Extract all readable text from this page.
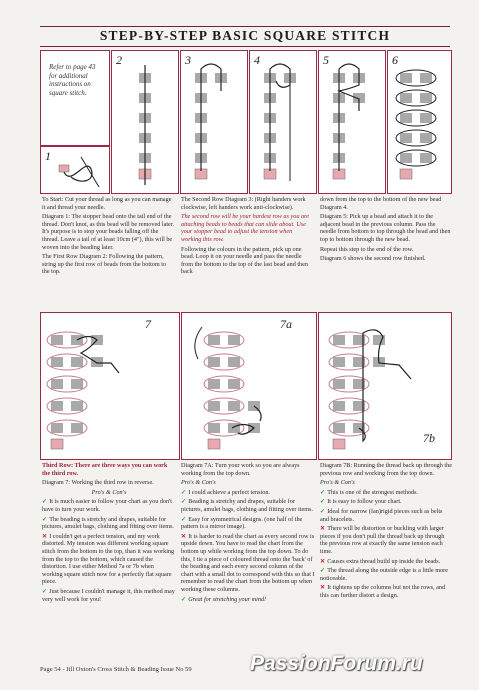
STEP-BY-STEP BASIC SQUARE STITCH
Refer to page 43 for additional instructions on square stitch.
1
2	3	4	5	6

To Start: Cut your thread as long as you can manage it and thread your needle.

Diagram 1: The stopper bead onto the tail end of the thread. Don't knot, as this bead will be removed later. It's purpose is to stop your beads falling off the thread. Leave a tail of at least 10cm (4"), this will be woven into the beading later.

The First Row Diagram 2: Following the pattern, string up the first row of beads from the bottom to the top.

The Second Row Diagram 3: (Right handers work clockwise, left handers work anti-clockwise).

The second row will be your hardest row as you are attaching beads to beads that can slide about. Use your stopper bead to adjust the tension when working this row.

Following the colours in the pattern, pick up one bead. Loop it on your needle and pass the needle from the bottom to the top of the last bead and then back

down from the top to the bottom of the new bead Diagram 4.

Diagram 5: Pick up a bead and attach it to the adjacent bead in the previous column. Pass the needle from bottom to top through the bead and then top to bottom through the new bead.

Repeat this step to the end of the row.

Diagram 6 shows the second row finished.

7	7a
7b

Third Row: There are three ways you can work the third row.

Diagram 7: Working the third row in reverse.

Pro's & Con's

✓ It is much easier to follow your chart as you don't have to turn your work.

✓ The beading is stretchy and drapes, suitable for pictures, amulet bags, clothing and fitting over items.

✕ I couldn't get a perfect tension, and my work distorted. My tension was different working square stitch from the bottom to the top, than it was working from the top to the bottom, which caused the distortion. I use either Method 7a or 7b when working square stitch now for a perfectly flat square piece.

✓ Just because I couldn't manage it, this method may very well work for you!

Diagram 7A: Turn your work so you are always working from the top down.

Pro's & Con's

✓ I could achieve a perfect tension.

✓ Beading is stretchy and drapes, suitable for pictures, amulet bags, clothing and fitting over items.

✓ Easy for symmetrical designs. (one half of the pattern is a mirror image).

✕ It is harder to read the chart as every second row is upside down. You have to read the chart from the bottom up while working from the top down. To do this, I tie a piece of coloured thread onto the 'back' of the beading and each every second column of the chart with a small dot to correspond with this so that I remember to read the chart from the bottom up when working these columns.

✓ Great for stretching your mind!

Diagram 7B: Running the thread back up through the previous row and working from the top down.

Pro's & Con's

✓ This is one of the strongest methods.

✓ It is easy to follow your chart.

✓ Ideal for narrow (fan)rigid pieces such as belts and bracelets.

✕ There will be distortion or buckling with larger pieces if you don't pull the thread back up through the previous row at exactly the same tension each time.

✕ Causes extra thread build up inside the beads.

✓ The thread along the outside edge is a little more noticeable.

✕ It tightens up the columns but not the rows, and this can further distort a design.

Page 54 - Jill Oxton's Cross Stitch & Beading Issue No 59	PassionForum.ru
